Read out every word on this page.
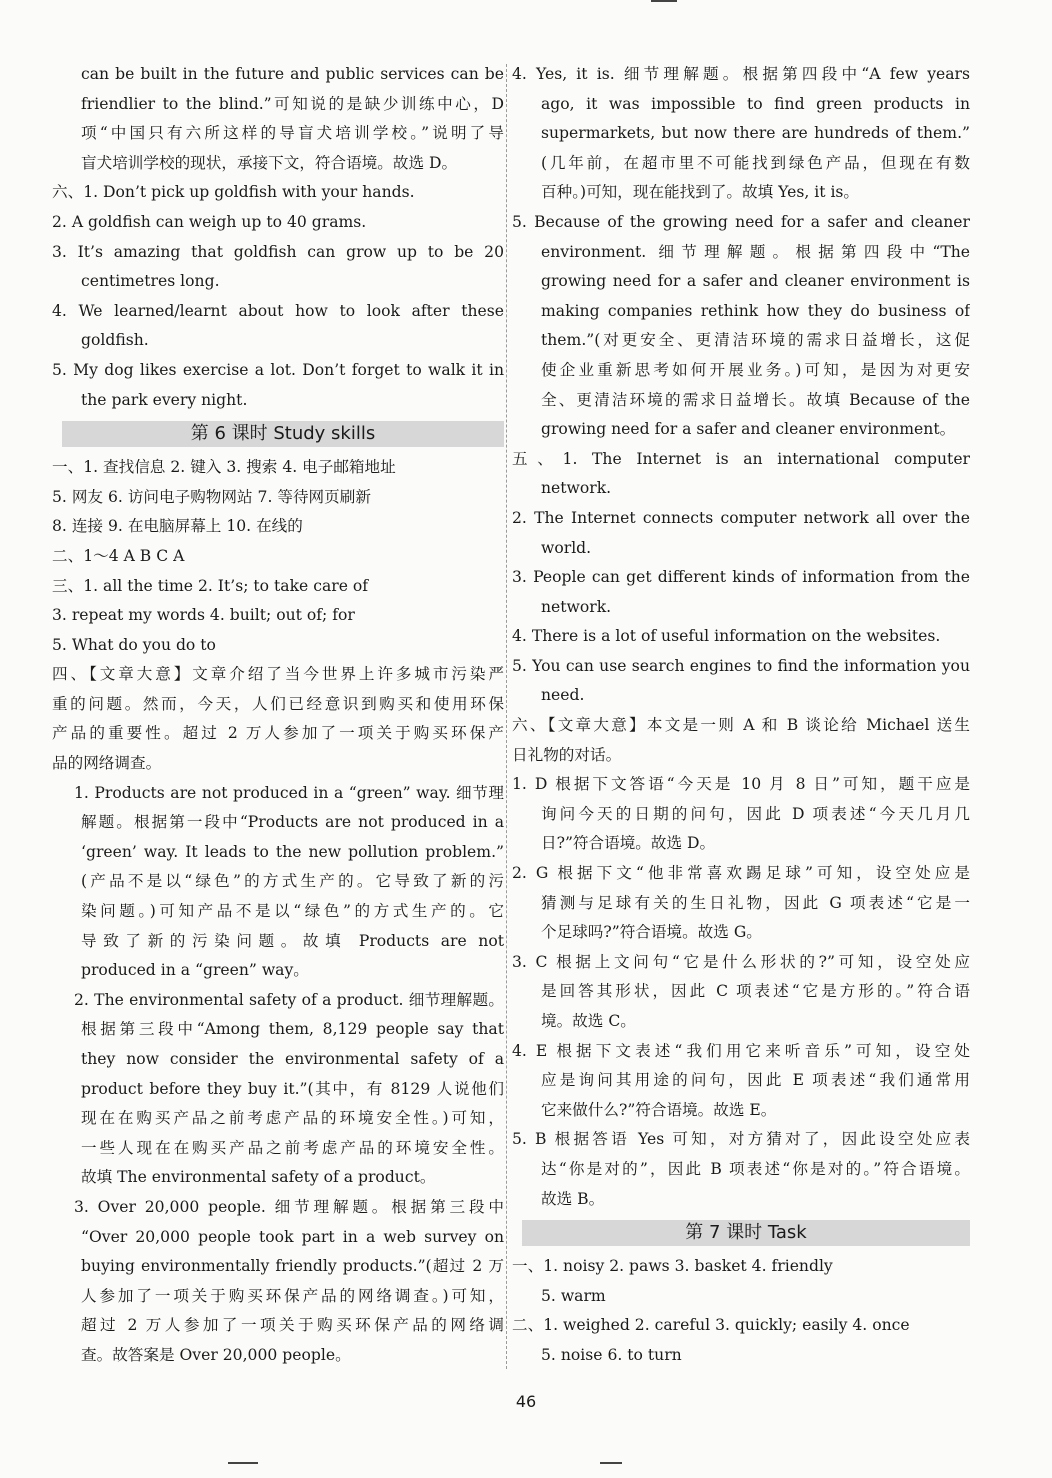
can be built in the future and public services can be
friendlier to the blind.”可知说的是缺少训练中心，D
项“中国只有六所这样的导盲犬培训学校。”说明了导
盲犬培训学校的现状，承接下文，符合语境。故选 D。
六、1. Don’t pick up goldfish with your hands.
2. A goldfish can weigh up to 40 grams.
3. It’s amazing that goldfish can grow up to be 20
centimetres long.
4. We learned/learnt about how to look after these
goldfish.
5. My dog likes exercise a lot. Don’t forget to walk it in
the park every night.
第 6 课时 Study skills
一、1. 查找信息 2. 键入 3. 搜索 4. 电子邮箱地址
5. 网友 6. 访问电子购物网站 7. 等待网页刷新
8. 连接 9. 在电脑屏幕上 10. 在线的
二、1～4 A B C A
三、1. all the time 2. It’s; to take care of
3. repeat my words 4. built; out of; for
5. What do you do to
四、【文章大意】文章介绍了当今世界上许多城市污染严
重的问题。然而，今天，人们已经意识到购买和使用环保
产品的重要性。超过 2 万人参加了一项关于购买环保产
品的网络调查。
1. Products are not produced in a “green” way. 细节理
解题。根据第一段中“Products are not produced in a
‘green’ way. It leads to the new pollution problem.”
(产品不是以“绿色”的方式生产的。它导致了新的污
染问题。)可知产品不是以“绿色”的方式生产的。它
导致了新的污染问题。故填 Products are not
produced in a “green” way。
2. The environmental safety of a product. 细节理解题。
根据第三段中“Among them, 8,129 people say that
they now consider the environmental safety of a
product before they buy it.”(其中，有 8129 人说他们
现在在购买产品之前考虑产品的环境安全性。)可知，
一些人现在在购买产品之前考虑产品的环境安全性。
故填 The environmental safety of a product。
3. Over 20,000 people. 细节理解题。根据第三段中
“Over 20,000 people took part in a web survey on
buying environmentally friendly products.”(超过 2 万
人参加了一项关于购买环保产品的网络调查。)可知，
超过 2 万人参加了一项关于购买环保产品的网络调
查。故答案是 Over 20,000 people。
4. Yes, it is. 细节理解题。根据第四段中“A few years
ago, it was impossible to find green products in
supermarkets, but now there are hundreds of them.”
(几年前，在超市里不可能找到绿色产品，但现在有数
百种。)可知，现在能找到了。故填 Yes, it is。
5. Because of the growing need for a safer and cleaner
environment. 细节理解题。根据第四段中“The
growing need for a safer and cleaner environment is
making companies rethink how they do business of
them.”(对更安全、更清洁环境的需求日益增长，这促
使企业重新思考如何开展业务。)可知，是因为对更安
全、更清洁环境的需求日益增长。故填 Because of the
growing need for a safer and cleaner environment。
五、1. The Internet is an international computer
network.
2. The Internet connects computer network all over the
world.
3. People can get different kinds of information from the
network.
4. There is a lot of useful information on the websites.
5. You can use search engines to find the information you
need.
六、【文章大意】本文是一则 A 和 B 谈论给 Michael 送生
日礼物的对话。
1. D 根据下文答语“今天是 10 月 8 日”可知，题干应是
询问今天的日期的问句，因此 D 项表述“今天几月几
日?”符合语境。故选 D。
2. G 根据下文“他非常喜欢踢足球”可知，设空处应是
猜测与足球有关的生日礼物，因此 G 项表述“它是一
个足球吗?”符合语境。故选 G。
3. C 根据上文问句“它是什么形状的?”可知，设空处应
是回答其形状，因此 C 项表述“它是方形的。”符合语
境。故选 C。
4. E 根据下文表述“我们用它来听音乐”可知，设空处
应是询问其用途的问句，因此 E 项表述“我们通常用
它来做什么?”符合语境。故选 E。
5. B 根据答语 Yes 可知，对方猜对了，因此设空处应表
达“你是对的”，因此 B 项表述“你是对的。”符合语境。
故选 B。
第 7 课时 Task
一、1. noisy 2. paws 3. basket 4. friendly
5. warm
二、1. weighed 2. careful 3. quickly; easily 4. once
5. noise 6. to turn
46
